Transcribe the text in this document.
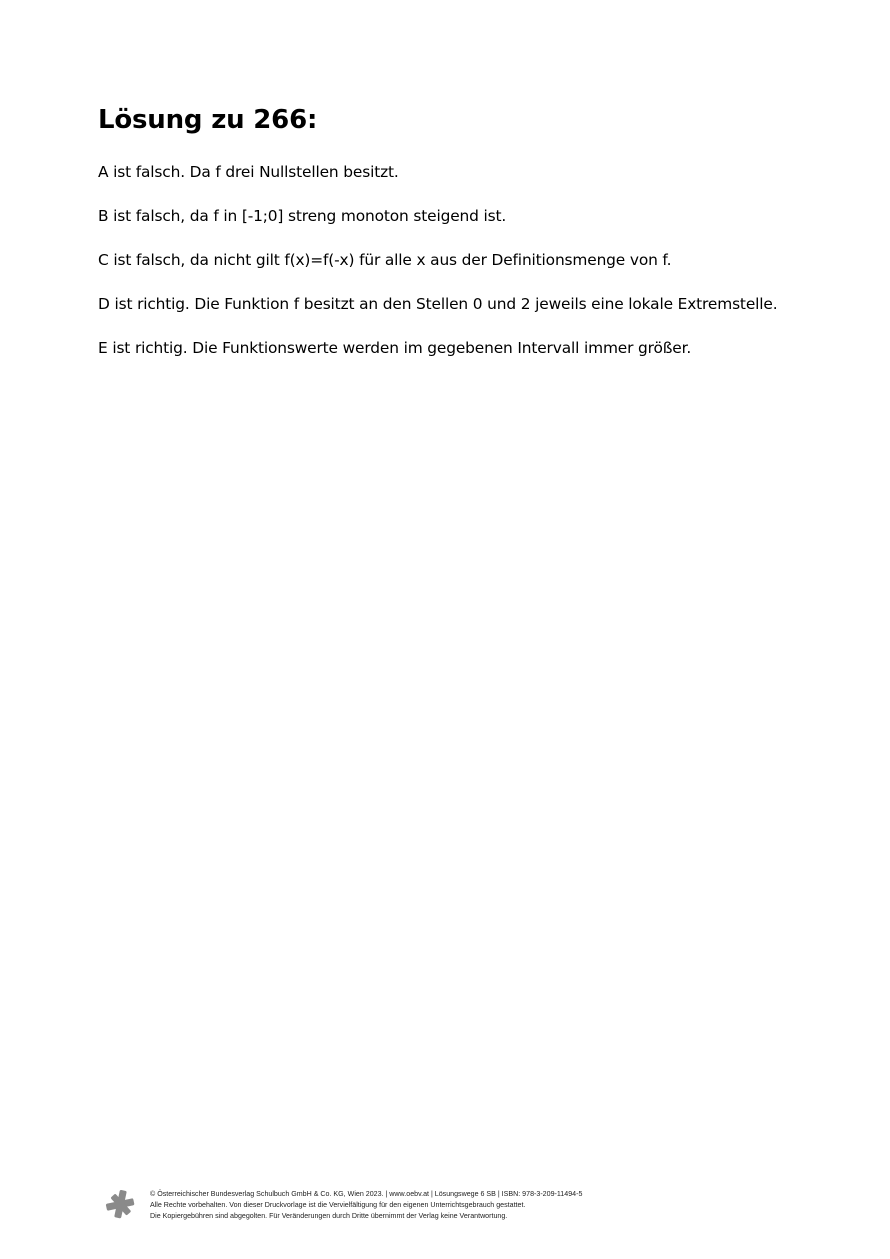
Lösung zu 266:
A ist falsch. Da f drei Nullstellen besitzt.
B ist falsch, da f in [-1;0] streng monoton steigend ist.
C ist falsch, da nicht gilt f(x)=f(-x) für alle x aus der Definitionsmenge von f.
D ist richtig. Die Funktion f besitzt an den Stellen 0 und 2 jeweils eine lokale Extremstelle.
E ist richtig. Die Funktionswerte werden im gegebenen Intervall immer größer.
© Österreichischer Bundesverlag Schulbuch GmbH & Co. KG, Wien 2023. | www.oebv.at | Lösungswege 6 SB | ISBN: 978-3-209-11494-5
Alle Rechte vorbehalten. Von dieser Druckvorlage ist die Vervielfältigung für den eigenen Unterrichtsgebrauch gestattet.
Die Kopiergebühren sind abgegolten. Für Veränderungen durch Dritte übernimmt der Verlag keine Verantwortung.
